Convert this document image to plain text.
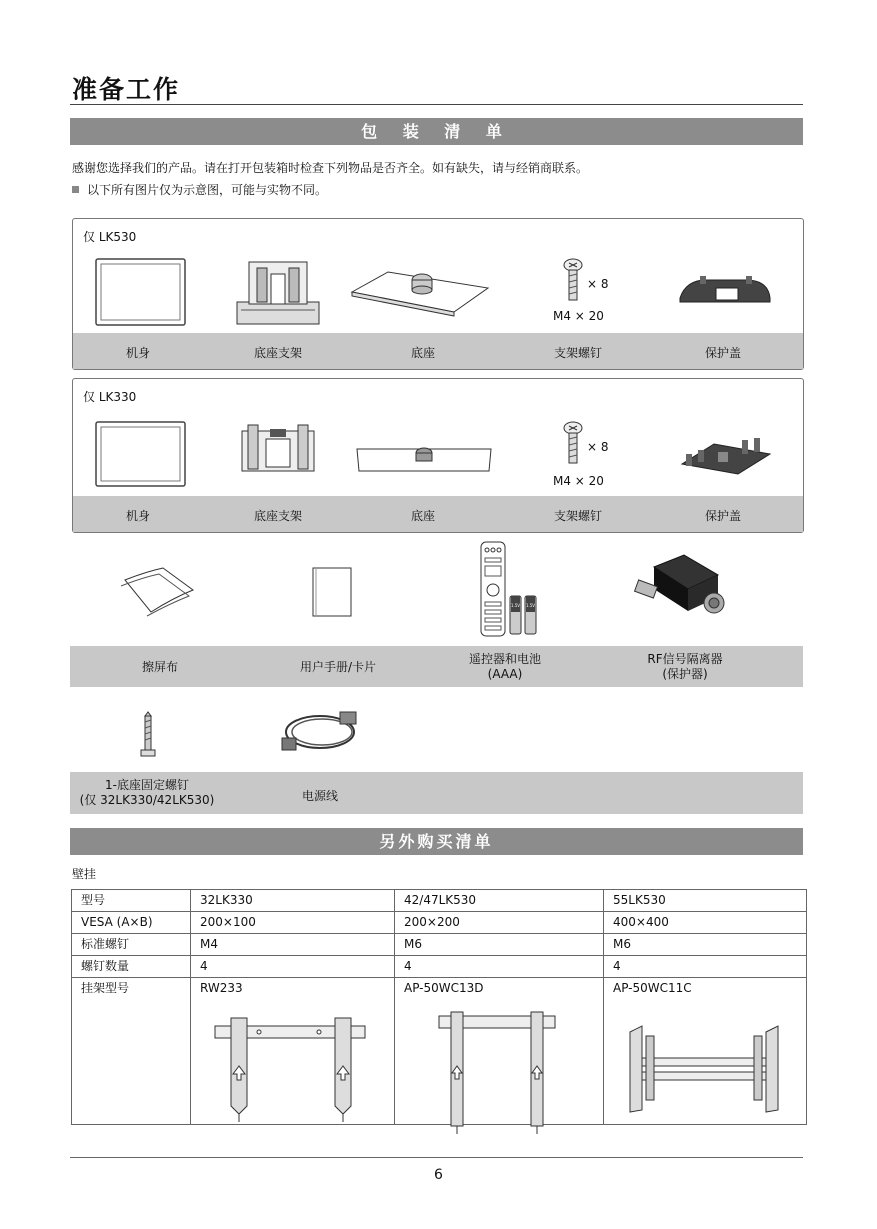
准备工作
包 装 清 单
感谢您选择我们的产品。请在打开包装箱时检查下列物品是否齐全。如有缺失，请与经销商联系。
以下所有图片仅为示意图，可能与实物不同。
仅 LK530
× 8
M4 × 20
机身	底座支架	底座	支架螺钉	保护盖
仅 LK330
× 8
M4 × 20
机身	底座支架	底座	支架螺钉	保护盖
1.5V 1.5V
擦屏布	用户手册/卡片
遥控器和电池
(AAA)
RF信号隔离器
(保护器)
1-底座固定螺钉
(仅 32LK330/42LK530)	电源线
另外购买清单
壁挂
型号	32LK330	42/47LK530	55LK530
VESA (A×B)	200×100	200×200	400×400
标准螺钉	M4	M6	M6
螺钉数量	4	4	4
挂架型号	RW233	AP-50WC13D	AP-50WC11C
6
